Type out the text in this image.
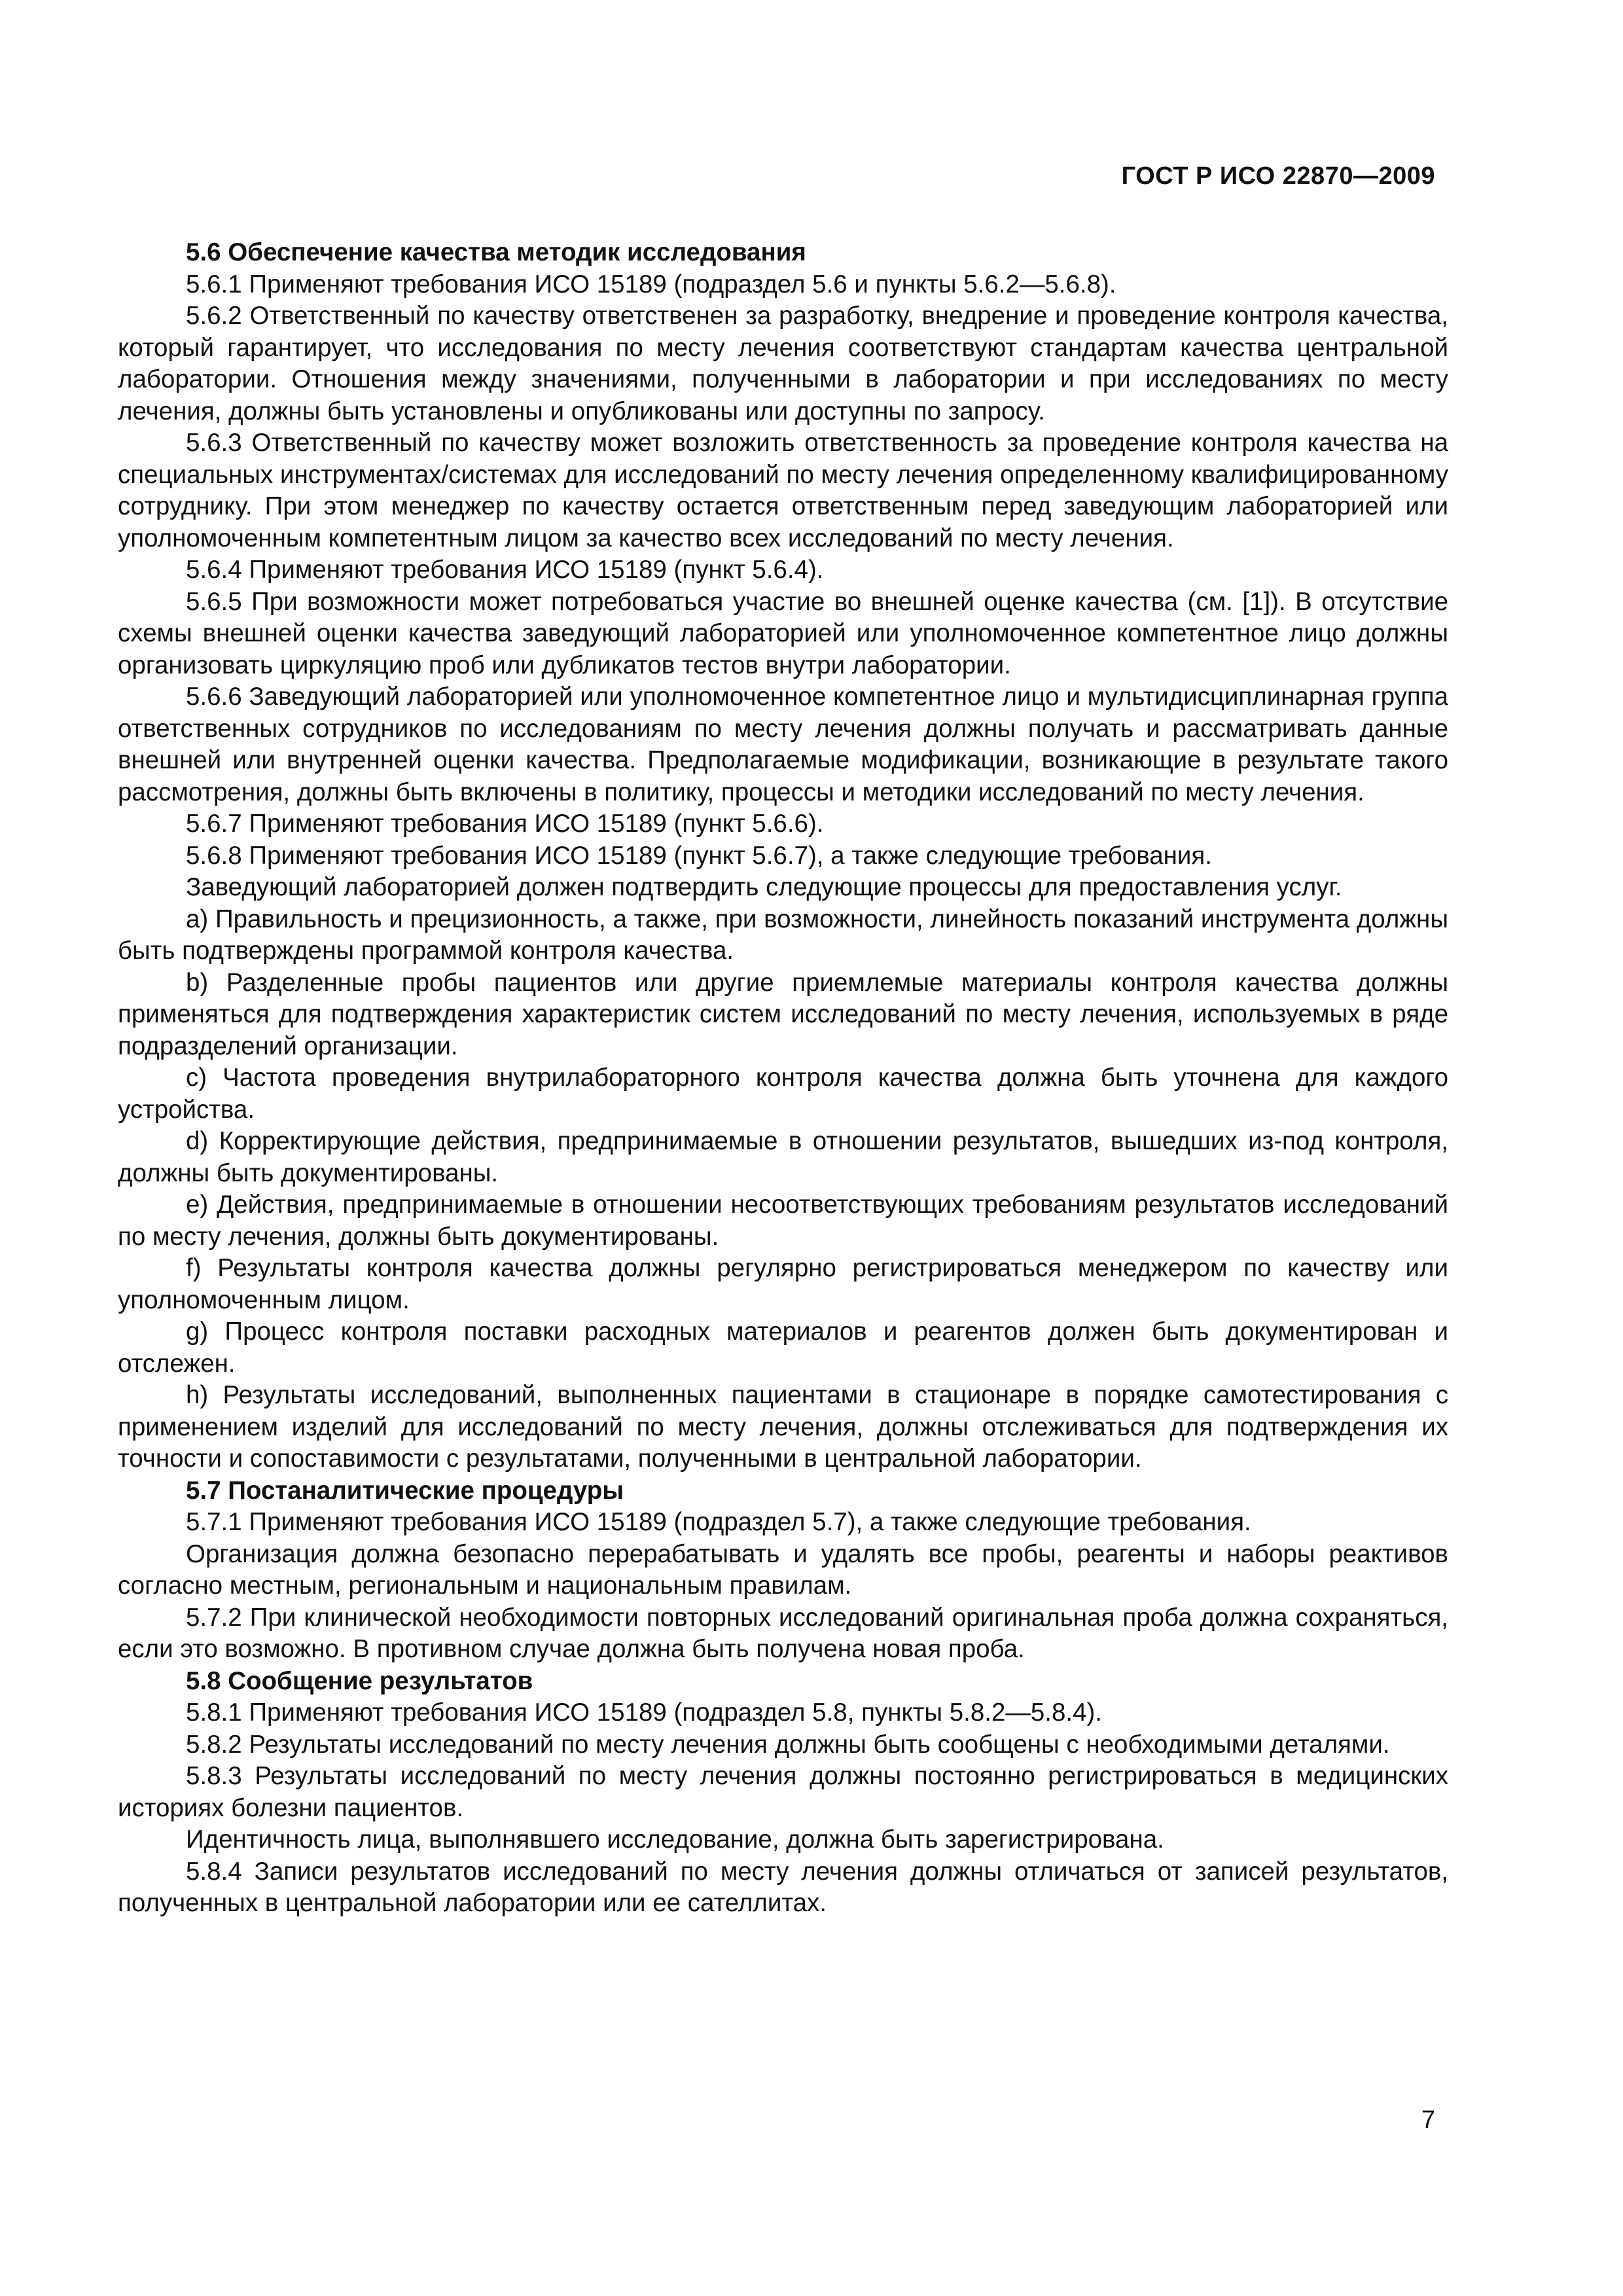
ГОСТ Р ИСО 22870—2009

5.6 Обеспечение качества методик исследования

5.6.1 Применяют требования ИСО 15189 (подраздел 5.6 и пункты 5.6.2—5.6.8).

5.6.2 Ответственный по качеству ответственен за разработку, внедрение и проведение контроля качества, который гарантирует, что исследования по месту лечения соответствуют стандартам качества центральной лаборатории. Отношения между значениями, полученными в лаборатории и при исследованиях по месту лечения, должны быть установлены и опубликованы или доступны по запросу.

5.6.3 Ответственный по качеству может возложить ответственность за проведение контроля качества на специальных инструментах/системах для исследований по месту лечения определенному квалифицированному сотруднику. При этом менеджер по качеству остается ответственным перед заведующим лабораторией или уполномоченным компетентным лицом за качество всех исследований по месту лечения.

5.6.4 Применяют требования ИСО 15189 (пункт 5.6.4).

5.6.5 При возможности может потребоваться участие во внешней оценке качества (см. [1]). В отсутствие схемы внешней оценки качества заведующий лабораторией или уполномоченное компетентное лицо должны организовать циркуляцию проб или дубликатов тестов внутри лаборатории.

5.6.6 Заведующий лабораторией или уполномоченное компетентное лицо и мультидисциплинарная группа ответственных сотрудников по исследованиям по месту лечения должны получать и рассматривать данные внешней или внутренней оценки качества. Предполагаемые модификации, возникающие в результате такого рассмотрения, должны быть включены в политику, процессы и методики исследований по месту лечения.

5.6.7 Применяют требования ИСО 15189 (пункт 5.6.6).

5.6.8 Применяют требования ИСО 15189 (пункт 5.6.7), а также следующие требования.

Заведующий лабораторией должен подтвердить следующие процессы для предоставления услуг.

a) Правильность и прецизионность, а также, при возможности, линейность показаний инструмента должны быть подтверждены программой контроля качества.

b) Разделенные пробы пациентов или другие приемлемые материалы контроля качества должны применяться для подтверждения характеристик систем исследований по месту лечения, используемых в ряде подразделений организации.

c) Частота проведения внутрилабораторного контроля качества должна быть уточнена для каждого устройства.

d) Корректирующие действия, предпринимаемые в отношении результатов, вышедших из-под контроля, должны быть документированы.

e) Действия, предпринимаемые в отношении несоответствующих требованиям результатов исследований по месту лечения, должны быть документированы.

f) Результаты контроля качества должны регулярно регистрироваться менеджером по качеству или уполномоченным лицом.

g) Процесс контроля поставки расходных материалов и реагентов должен быть документирован и отслежен.

h) Результаты исследований, выполненных пациентами в стационаре в порядке самотестирования с применением изделий для исследований по месту лечения, должны отслеживаться для подтверждения их точности и сопоставимости с результатами, полученными в центральной лаборатории.

5.7 Постаналитические процедуры

5.7.1 Применяют требования ИСО 15189 (подраздел 5.7), а также следующие требования.

Организация должна безопасно перерабатывать и удалять все пробы, реагенты и наборы реактивов согласно местным, региональным и национальным правилам.

5.7.2 При клинической необходимости повторных исследований оригинальная проба должна сохраняться, если это возможно. В противном случае должна быть получена новая проба.

5.8 Сообщение результатов

5.8.1 Применяют требования ИСО 15189 (подраздел 5.8, пункты 5.8.2—5.8.4).

5.8.2 Результаты исследований по месту лечения должны быть сообщены с необходимыми деталями.

5.8.3 Результаты исследований по месту лечения должны постоянно регистрироваться в медицинских историях болезни пациентов.

Идентичность лица, выполнявшего исследование, должна быть зарегистрирована.

5.8.4 Записи результатов исследований по месту лечения должны отличаться от записей результатов, полученных в центральной лаборатории или ее сателлитах.

7
